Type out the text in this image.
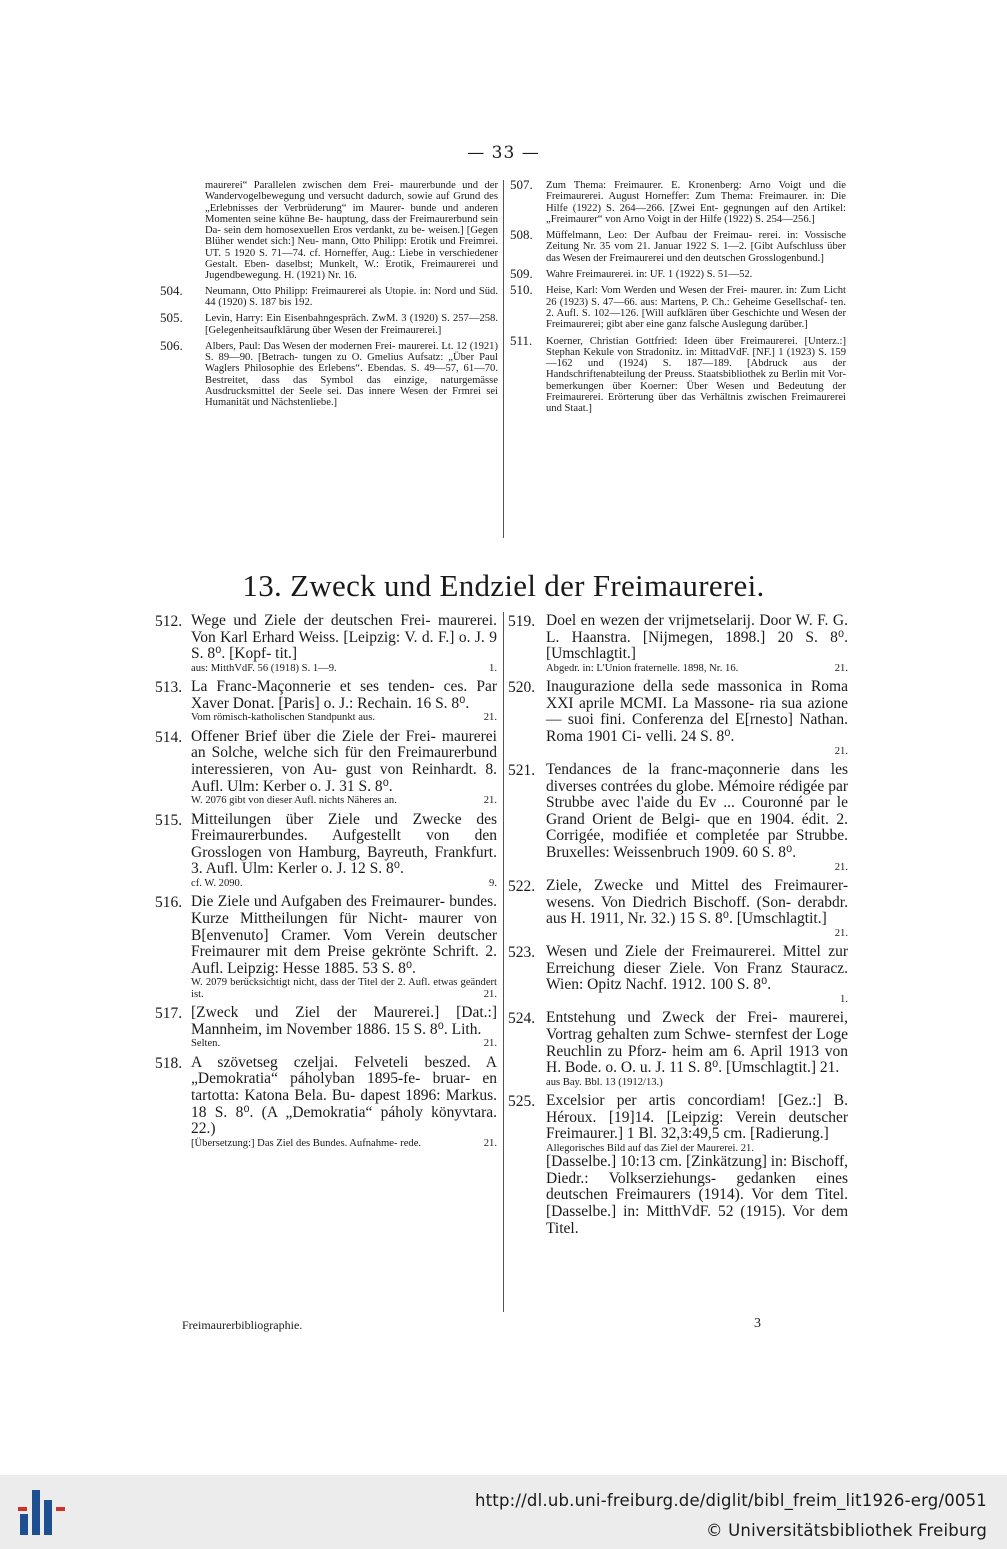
— 33 —

maurerei“ Parallelen zwischen dem Frei- maurerbunde und der Wandervogelbewegung und versucht dadurch, sowie auf Grund des „Erlebnisses der Verbrüderung“ im Maurer- bunde und anderen Momenten seine kühne Be- hauptung, dass der Freimaurerbund sein Da- sein dem homosexuellen Eros verdankt, zu be- weisen.] [Gegen Blüher wendet sich:] Neu- mann, Otto Philipp: Erotik und Freimrei. UT. 5 1920 S. 71—74. cf. Horneffer, Aug.: Liebe in verschiedener Gestalt. Eben- daselbst; Munkelt, W.: Erotik, Freimaurerei und Jugendbewegung. H. (1921) Nr. 16.

504. Neumann, Otto Philipp: Freimaurerei als Utopie. in: Nord und Süd. 44 (1920) S. 187 bis 192.
505. Levin, Harry: Ein Eisenbahngespräch. ZwM. 3 (1920) S. 257—258. [Gelegenheitsaufklärung über Wesen der Freimaurerei.]
506. Albers, Paul: Das Wesen der modernen Frei- maurerei. Lt. 12 (1921) S. 89—90. [Betrach- tungen zu O. Gmelius Aufsatz: „Über Paul Waglers Philosophie des Erlebens“. Ebendas. S. 49—57, 61—70. Bestreitet, dass das Symbol das einzige, naturgemässe Ausdrucksmittel der Seele sei. Das innere Wesen der Frmrei sei Humanität und Nächstenliebe.]
507. Zum Thema: Freimaurer. E. Kronenberg: Arno Voigt und die Freimaurerei. August Horneffer: Zum Thema: Freimaurer. in: Die Hilfe (1922) S. 264—266. [Zwei Ent- gegnungen auf den Artikel: „Freimaurer“ von Arno Voigt in der Hilfe (1922) S. 254—256.]
508. Müffelmann, Leo: Der Aufbau der Freimau- rerei. in: Vossische Zeitung Nr. 35 vom 21. Januar 1922 S. 1—2. [Gibt Aufschluss über das Wesen der Freimaurerei und den deutschen Grosslogenbund.]
509. Wahre Freimaurerei. in: UF. 1 (1922) S. 51—52.
510. Heise, Karl: Vom Werden und Wesen der Frei- maurer. in: Zum Licht 26 (1923) S. 47—66. aus: Martens, P. Ch.: Geheime Gesellschaf- ten. 2. Aufl. S. 102—126. [Will aufklären über Geschichte und Wesen der Freimaurerei; gibt aber eine ganz falsche Auslegung darüber.]
511. Koerner, Christian Gottfried: Ideen über Freimaurerei. [Unterz.:] Stephan Kekule von Stradonitz. in: MittadVdF. [NF.] 1 (1923) S. 159—162 und (1924) S. 187—189. [Abdruck aus der Handschriftenabteilung der Preuss. Staatsbibliothek zu Berlin mit Vor- bemerkungen über Koerner: Über Wesen und Bedeutung der Freimaurerei. Erörterung über das Verhältnis zwischen Freimaurerei und Staat.]
13. Zweck und Endziel der Freimaurerei.
512. Wege und Ziele der deutschen Frei- maurerei. Von Karl Erhard Weiss. [Leipzig: V. d. F.] o. J. 9 S. 8⁰. [Kopf- tit.]
aus: MitthVdF. 56 (1918) S. 1—9.	1.
513. La Franc-Maçonnerie et ses tenden- ces. Par Xaver Donat. [Paris] o. J.: Rechain. 16 S. 8⁰.
Vom römisch-katholischen Standpunkt aus.	21.
514. Offener Brief über die Ziele der Frei- maurerei an Solche, welche sich für den Freimaurerbund interessieren, von Au- gust von Reinhardt. 8. Aufl. Ulm: Kerber o. J. 31 S. 8⁰.
W. 2076 gibt von dieser Aufl. nichts Näheres an.	21.
515. Mitteilungen über Ziele und Zwecke des Freimaurerbundes. Aufgestellt von den Grosslogen von Hamburg, Bayreuth, Frankfurt. 3. Aufl. Ulm: Kerler o. J. 12 S. 8⁰.
cf. W. 2090.	9.
516. Die Ziele und Aufgaben des Freimaurer- bundes. Kurze Mittheilungen für Nicht- maurer von B[envenuto] Cramer. Vom Verein deutscher Freimaurer mit dem Preise gekrönte Schrift. 2. Aufl. Leipzig: Hesse 1885. 53 S. 8⁰.
W. 2079 berücksichtigt nicht, dass der Titel der 2. Aufl. etwas geändert ist.	21.
517. [Zweck und Ziel der Maurerei.] [Dat.:] Mannheim, im November 1886. 15 S. 8⁰. Lith.
Selten.	21.
518. A szövetseg czeljai. Felveteli beszed. A „Demokratia“ páholyban 1895-fe- bruar- en tartotta: Katona Bela. Bu- dapest 1896: Markus. 18 S. 8⁰. (A „Demokratia“ páholy könyvtara. 22.)
[Übersetzung:] Das Ziel des Bundes. Aufnahme- rede.	21.
519. Doel en wezen der vrijmetselarij. Door W. F. G. L. Haanstra. [Nijmegen, 1898.] 20 S. 8⁰. [Umschlagtit.]
Abgedr. in: L'Union fraternelle. 1898, Nr. 16.	21.
520. Inaugurazione della sede massonica in Roma XXI aprile MCMI. La Massone- ria sua azione — suoi fini. Conferenza del E[rnesto] Nathan. Roma 1901 Ci- velli. 24 S. 8⁰.
21.
521. Tendances de la franc-maçonnerie dans les diverses contrées du globe. Mémoire rédigée par Strubbe avec l'aide du Ev ... Couronné par le Grand Orient de Belgi- que en 1904. édit. 2. Corrigée, modifiée et completée par Strubbe. Bruxelles: Weissenbruch 1909. 60 S. 8⁰.
21.
522. Ziele, Zwecke und Mittel des Freimaurer- wesens. Von Diedrich Bischoff. (Son- derabdr. aus H. 1911, Nr. 32.) 15 S. 8⁰. [Umschlagtit.]
21.
523. Wesen und Ziele der Freimaurerei. Mittel zur Erreichung dieser Ziele. Von Franz Stauracz. Wien: Opitz Nachf. 1912. 100 S. 8⁰.
1.
524. Entstehung und Zweck der Frei- maurerei, Vortrag gehalten zum Schwe- sternfest der Loge Reuchlin zu Pforz- heim am 6. April 1913 von H. Bode. o. O. u. J. 11 S. 8⁰. [Umschlagtit.] 21.
aus Bay. Bbl. 13 (1912/13.)
525. Excelsior per artis concordiam! [Gez.:] B. Héroux. [19]14. [Leipzig: Verein deutscher Freimaurer.] 1 Bl. 32,3:49,5 cm. [Radierung.]
Allegorisches Bild auf das Ziel der Maurerei. 21.
[Dasselbe.] 10:13 cm. [Zinkätzung] in: Bischoff, Diedr.: Volkserziehungs- gedanken eines deutschen Freimaurers (1914). Vor dem Titel. [Dasselbe.] in: MitthVdF. 52 (1915). Vor dem Titel.
Freimaurerbibliographie.	3
http://dl.ub.uni-freiburg.de/diglit/bibl_freim_lit1926-erg/0051
© Universitätsbibliothek Freiburg
